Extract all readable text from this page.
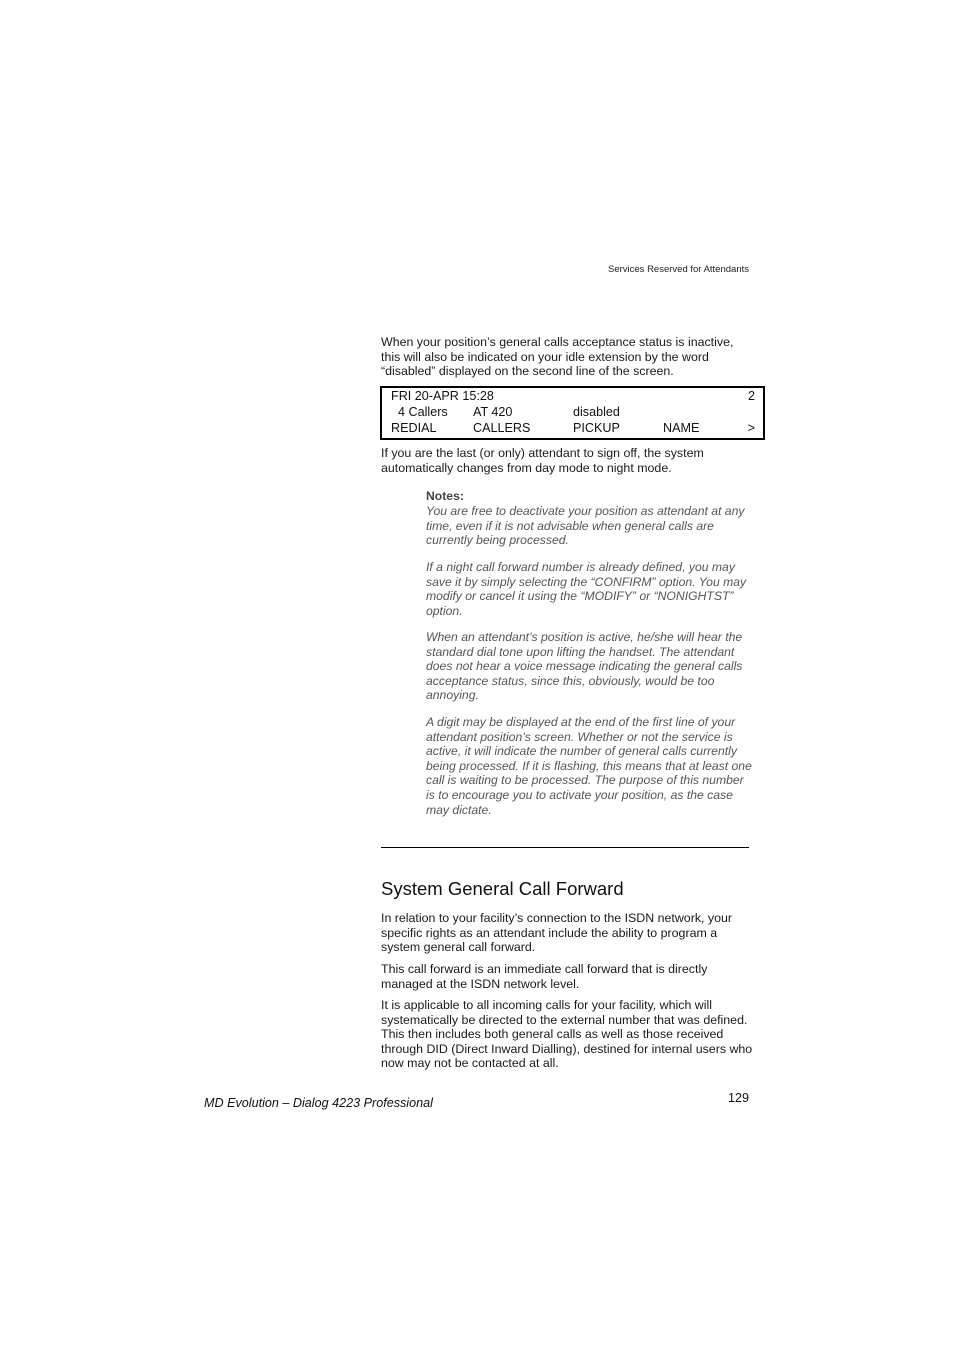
Services Reserved for Attendants

When your position’s general calls acceptance status is inactive, this will also be indicated on your idle extension by the word “disabled” displayed on the second line of the screen.

FRI 20-APR 15:28	2
4 Callers AT 420	disabled
REDIAL	CALLERS	PICKUP	NAME	>

If you are the last (or only) attendant to sign off, the system automatically changes from day mode to night mode.

Notes:

You are free to deactivate your position as attendant at any time, even if it is not advisable when general calls are currently being processed.

If a night call forward number is already defined, you may save it by simply selecting the “CONFIRM” option. You may modify or cancel it using the “MODIFY” or “NONIGHTST” option.

When an attendant’s position is active, he/she will hear the standard dial tone upon lifting the handset. The attendant does not hear a voice message indicating the general calls acceptance status, since this, obviously, would be too annoying.

A digit may be displayed at the end of the first line of your attendant position’s screen. Whether or not the service is active, it will indicate the number of general calls currently being processed. If it is flashing, this means that at least one call is waiting to be processed. The purpose of this number is to encourage you to activate your position, as the case may dictate.

System General Call Forward

In relation to your facility’s connection to the ISDN network, your specific rights as an attendant include the ability to program a system general call forward.

This call forward is an immediate call forward that is directly managed at the ISDN network level.

It is applicable to all incoming calls for your facility, which will systematically be directed to the external number that was defined. This then includes both general calls as well as those received through DID (Direct Inward Dialling), destined for internal users who now may not be contacted at all.

MD Evolution – Dialog 4223 Professional	129
